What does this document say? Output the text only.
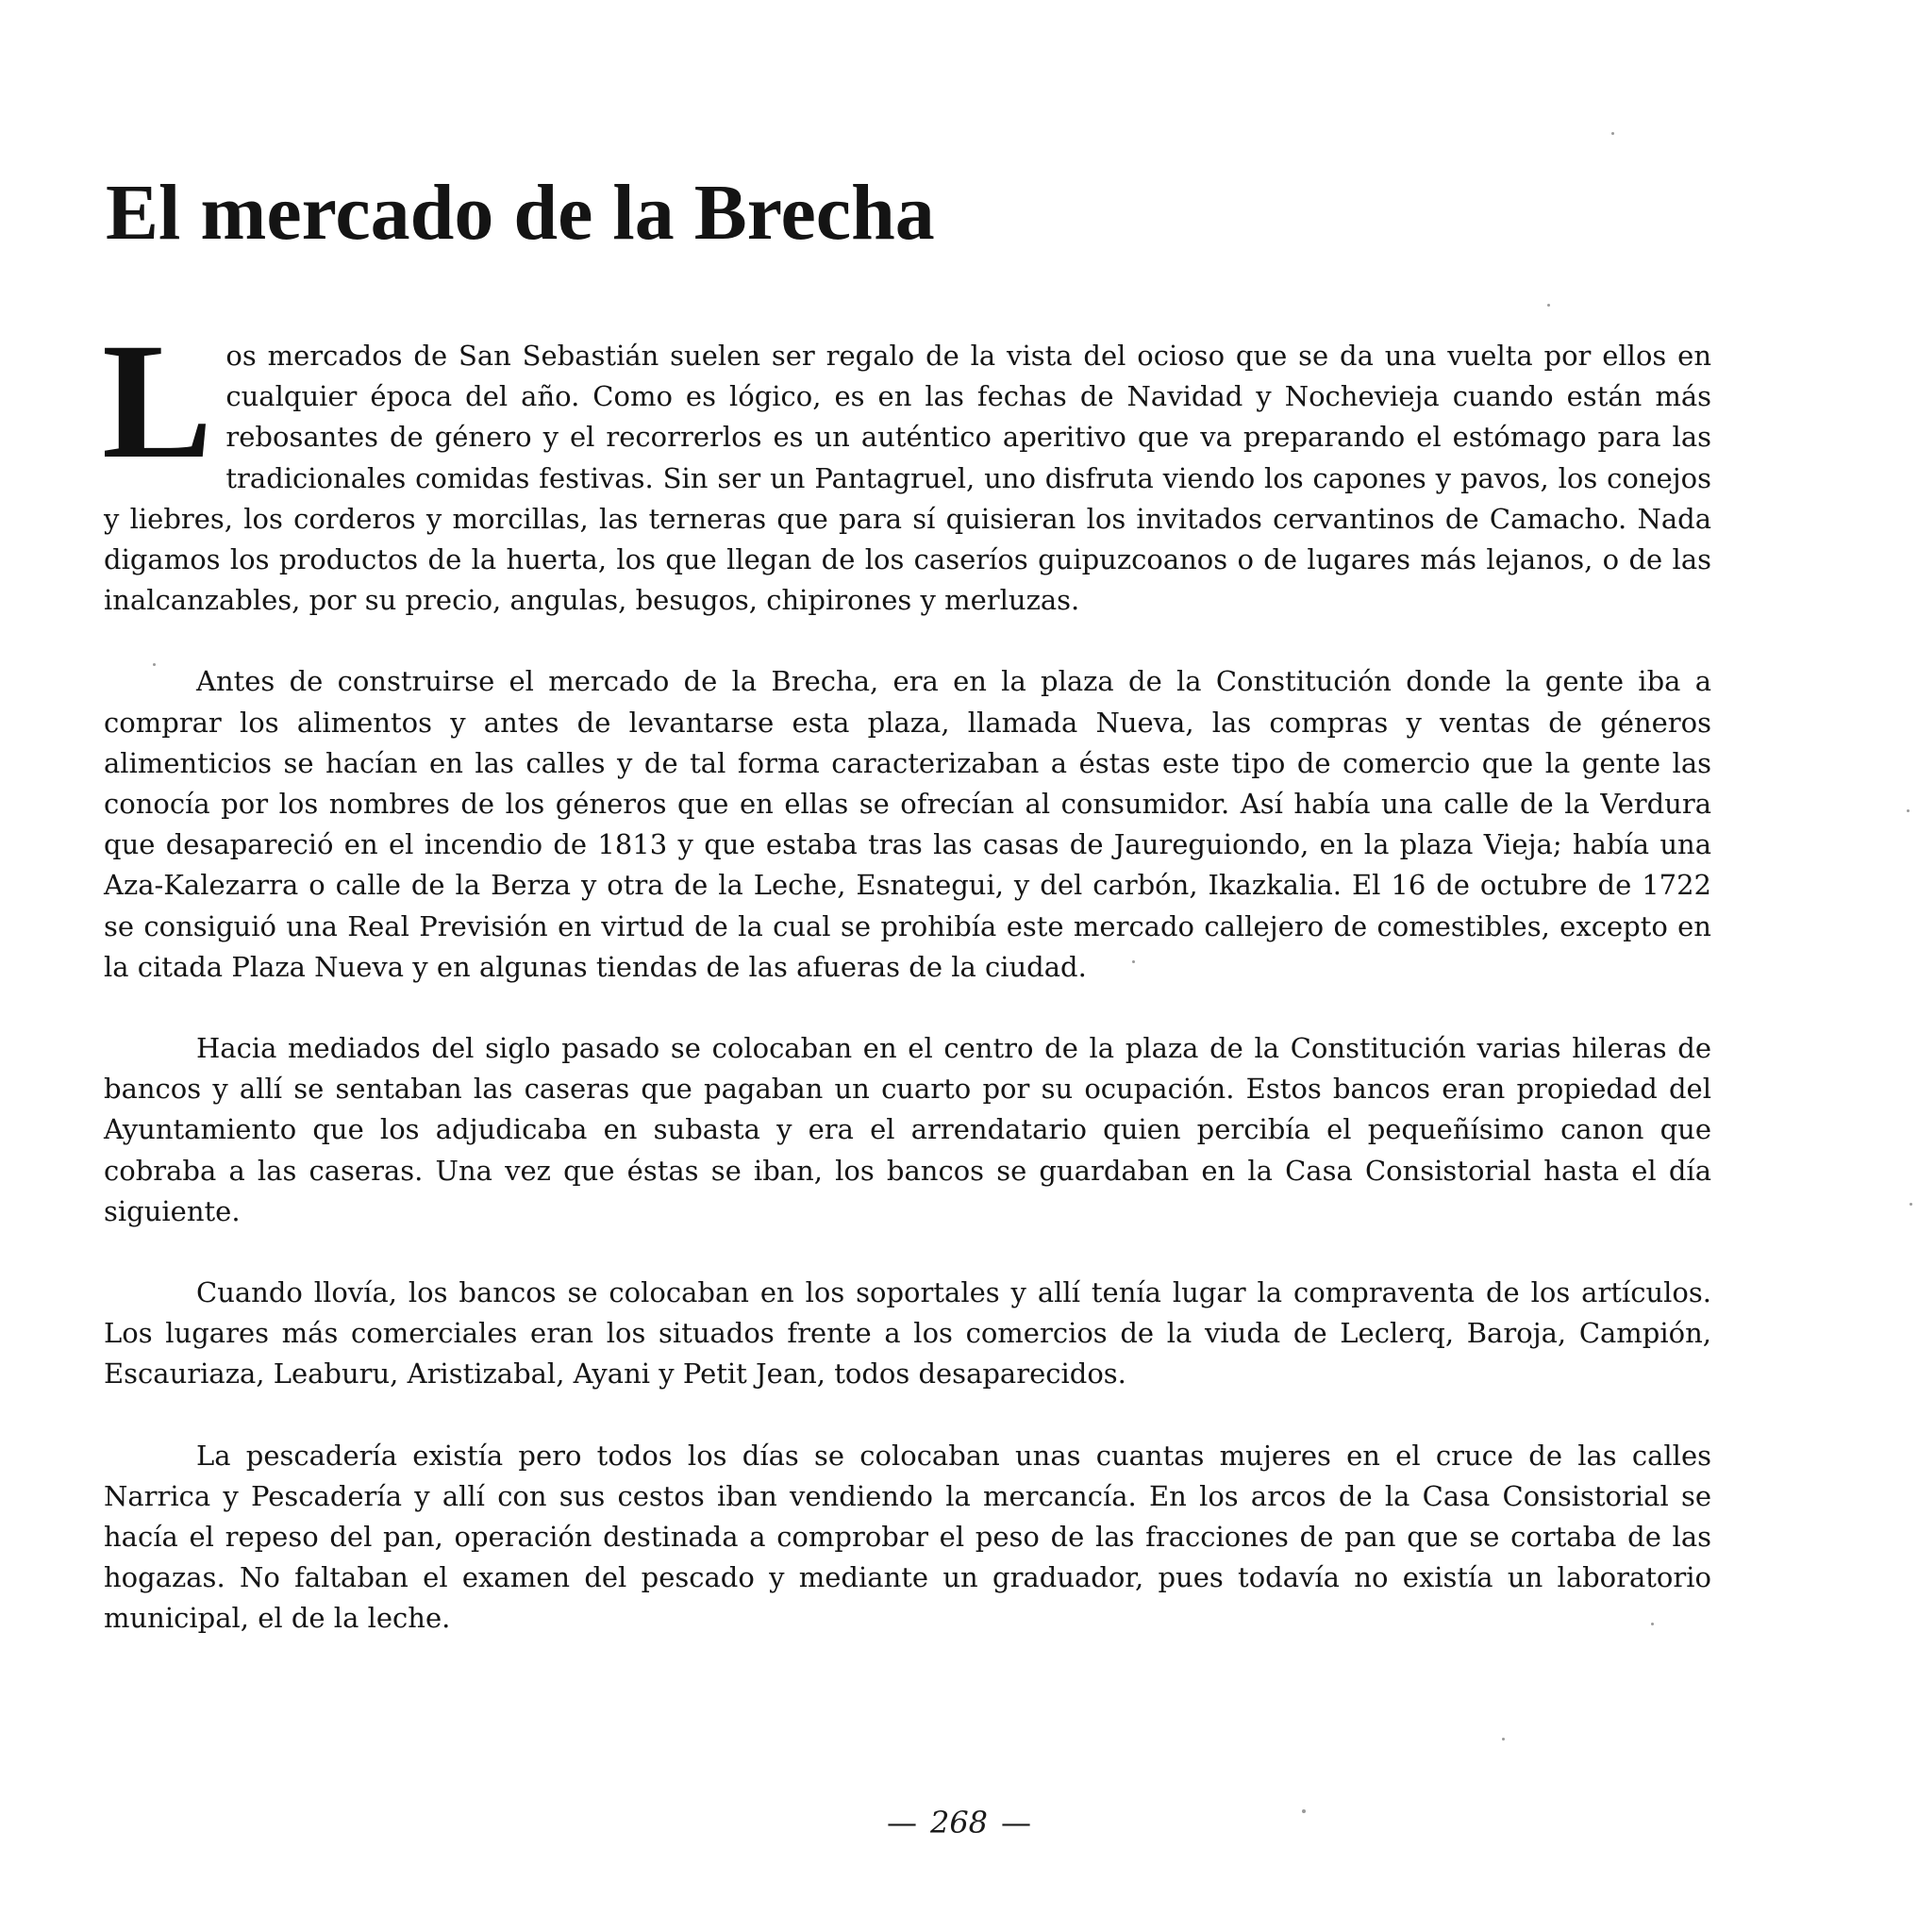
El mercado de la Brecha

Los mercados de San Sebastián suelen ser regalo de la vista del ocioso que se da una vuelta por ellos en cualquier época del año. Como es lógico, es en las fechas de Navidad y Nochevieja cuando están más rebosantes de género y el recorrerlos es un auténtico aperitivo que va preparando el estómago para las tradicionales comidas festivas. Sin ser un Pantagruel, uno disfruta viendo los capones y pavos, los conejos y liebres, los corderos y morcillas, las terneras que para sí quisieran los invitados cervantinos de Camacho. Nada digamos los productos de la huerta, los que llegan de los caseríos guipuzcoanos o de lugares más lejanos, o de las inalcanzables, por su precio, angulas, besugos, chipirones y merluzas.

Antes de construirse el mercado de la Brecha, era en la plaza de la Constitución donde la gente iba a comprar los alimentos y antes de levantarse esta plaza, llamada Nueva, las compras y ventas de géneros alimenticios se hacían en las calles y de tal forma caracterizaban a éstas este tipo de comercio que la gente las conocía por los nombres de los géneros que en ellas se ofrecían al consumidor. Así había una calle de la Verdura que desapareció en el incendio de 1813 y que estaba tras las casas de Jaureguiondo, en la plaza Vieja; había una Aza-Kalezarra o calle de la Berza y otra de la Leche, Esnategui, y del carbón, Ikazkalia. El 16 de octubre de 1722 se consiguió una Real Previsión en virtud de la cual se prohibía este mercado callejero de comestibles, excepto en la citada Plaza Nueva y en algunas tiendas de las afueras de la ciudad.

Hacia mediados del siglo pasado se colocaban en el centro de la plaza de la Constitución varias hileras de bancos y allí se sentaban las caseras que pagaban un cuarto por su ocupación. Estos bancos eran propiedad del Ayuntamiento que los adjudicaba en subasta y era el arrendatario quien percibía el pequeñísimo canon que cobraba a las caseras. Una vez que éstas se iban, los bancos se guardaban en la Casa Consistorial hasta el día siguiente.

Cuando llovía, los bancos se colocaban en los soportales y allí tenía lugar la compraventa de los artículos. Los lugares más comerciales eran los situados frente a los comercios de la viuda de Leclerq, Baroja, Campión, Escauriaza, Leaburu, Aristizabal, Ayani y Petit Jean, todos desaparecidos.

La pescadería existía pero todos los días se colocaban unas cuantas mujeres en el cruce de las calles Narrica y Pescadería y allí con sus cestos iban vendiendo la mercancía. En los arcos de la Casa Consistorial se hacía el repeso del pan, operación destinada a comprobar el peso de las fracciones de pan que se cortaba de las hogazas. No faltaban el examen del pescado y mediante un graduador, pues todavía no existía un laboratorio municipal, el de la leche.

— 268 —
